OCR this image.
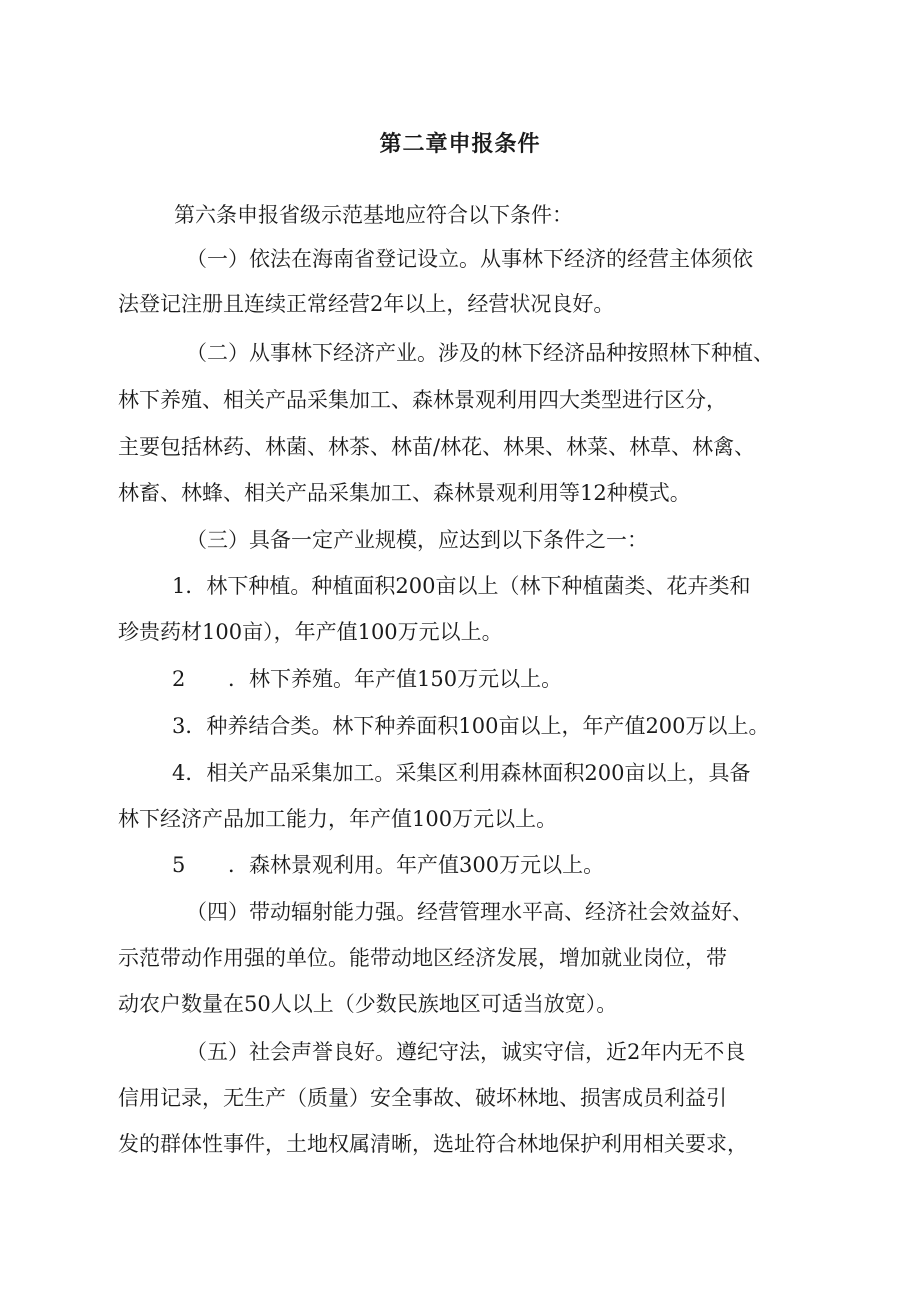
第二章申报条件
第六条申报省级示范基地应符合以下条件：
（一）依法在海南省登记设立。从事林下经济的经营主体须依
法登记注册且连续正常经营2年以上，经营状况良好。
（二）从事林下经济产业。涉及的林下经济品种按照林下种植、
林下养殖、相关产品采集加工、森林景观利用四大类型进行区分，
主要包括林药、林菌、林茶、林苗/林花、林果、林菜、林草、林禽、
林畜、林蜂、相关产品采集加工、森林景观利用等12种模式。
（三）具备一定产业规模，应达到以下条件之一：
1．林下种植。种植面积200亩以上（林下种植菌类、花卉类和
珍贵药材100亩），年产值100万元以上。
2 ．林下养殖。年产值150万元以上。
3．种养结合类。林下种养面积100亩以上，年产值200万以上。
4．相关产品采集加工。采集区利用森林面积200亩以上，具备
林下经济产品加工能力，年产值100万元以上。
5 ．森林景观利用。年产值300万元以上。
（四）带动辐射能力强。经营管理水平高、经济社会效益好、
示范带动作用强的单位。能带动地区经济发展，增加就业岗位，带
动农户数量在50人以上（少数民族地区可适当放宽）。
（五）社会声誉良好。遵纪守法，诚实守信，近2年内无不良
信用记录，无生产（质量）安全事故、破坏林地、损害成员利益引
发的群体性事件，土地权属清晰，选址符合林地保护利用相关要求，
